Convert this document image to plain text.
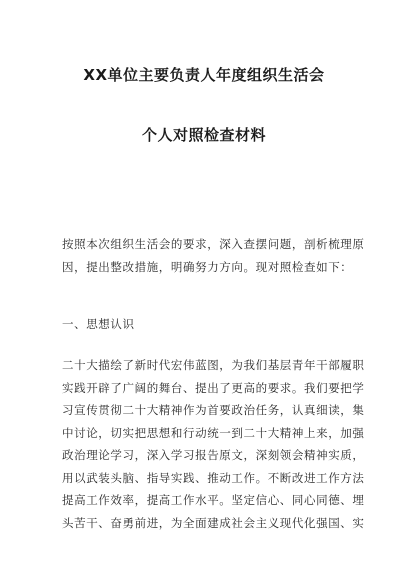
XX单位主要负责人年度组织生活会
个人对照检查材料

按照本次组织生活会的要求，深入查摆问题，剖析梳理原
因，提出整改措施，明确努力方向。现对照检查如下：

一、思想认识

二十大描绘了新时代宏伟蓝图，为我们基层青年干部履职
实践开辟了广阔的舞台、提出了更高的要求。我们要把学
习宣传贯彻二十大精神作为首要政治任务，认真细读，集
中讨论，切实把思想和行动统一到二十大精神上来，加强
政治理论学习，深入学习报告原文，深刻领会精神实质，
用以武装头脑、指导实践、推动工作。不断改进工作方法
提高工作效率，提高工作水平。坚定信心、同心同德、埋
头苦干、奋勇前进，为全面建成社会主义现代化强国、实
